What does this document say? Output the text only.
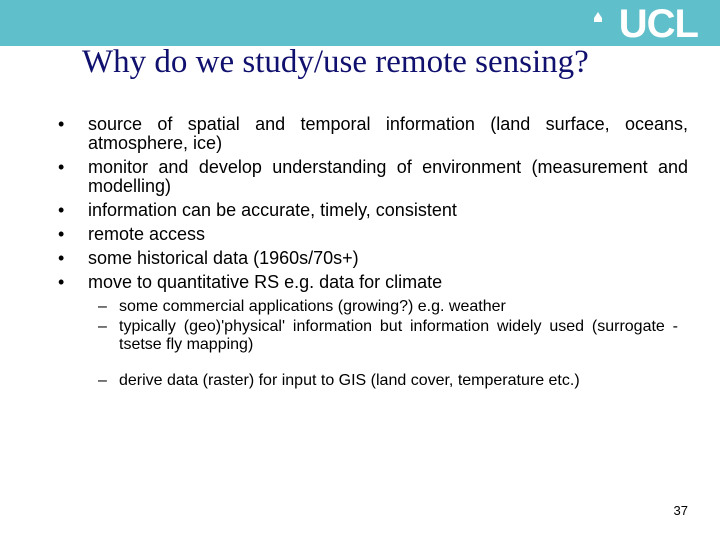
UCL
Why do we study/use remote sensing?
• source of spatial and temporal information (land surface, oceans, atmosphere, ice)
• monitor and develop understanding of environment (measurement and modelling)
• information can be accurate, timely, consistent
• remote access
• some historical data (1960s/70s+)
• move to quantitative RS e.g. data for climate
– some commercial applications (growing?) e.g. weather
– typically (geo)'physical' information but information widely used (surrogate - tsetse fly mapping)
– derive data (raster) for input to GIS (land cover, temperature etc.)
37
